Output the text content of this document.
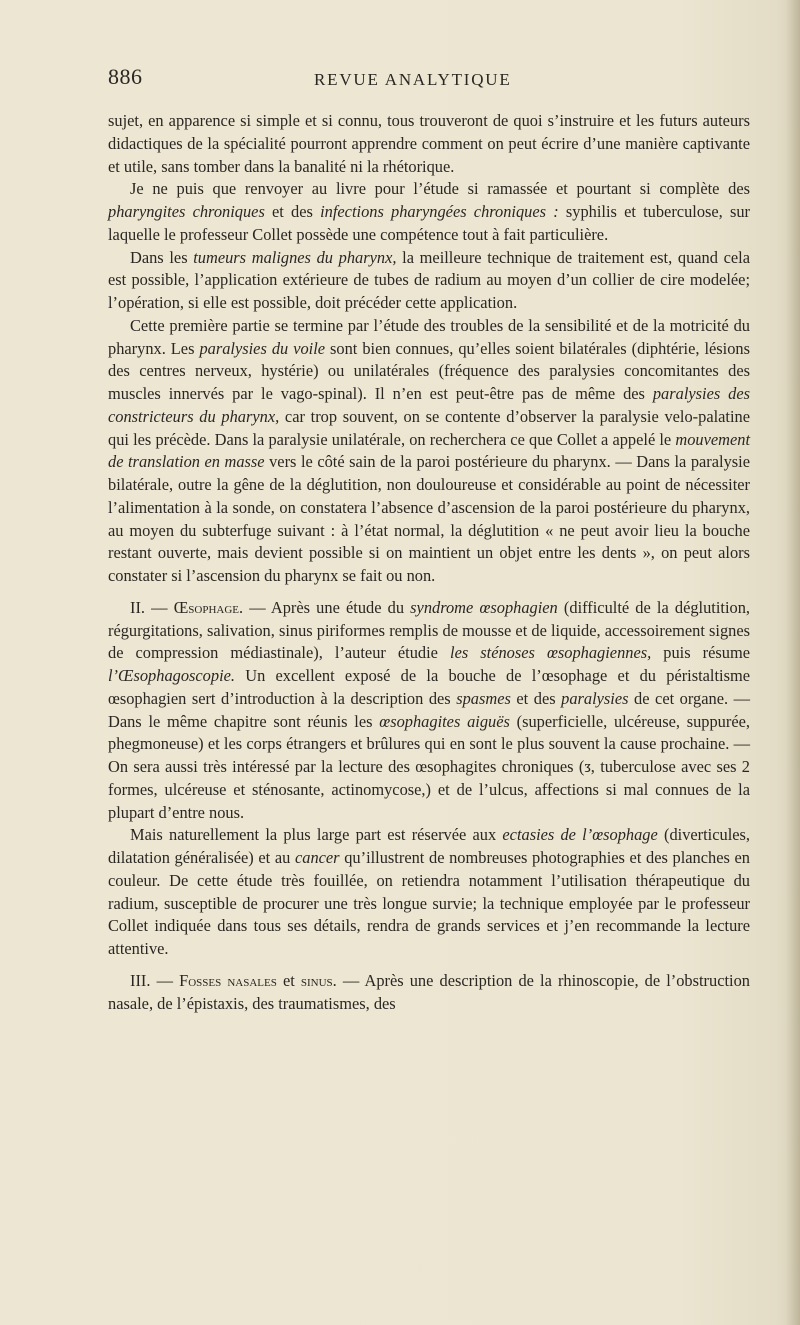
886	REVUE ANALYTIQUE

sujet, en apparence si simple et si connu, tous trouveront de quoi s’instruire et les futurs auteurs didactiques de la spécialité pourront apprendre comment on peut écrire d’une manière captivante et utile, sans tomber dans la banalité ni la rhétorique.

Je ne puis que renvoyer au livre pour l’étude si ramassée et pourtant si complète des pharyngites chroniques et des infections pharyngées chroniques : syphilis et tuberculose, sur laquelle le professeur Collet possède une compétence tout à fait particulière.

Dans les tumeurs malignes du pharynx, la meilleure technique de traitement est, quand cela est possible, l’application extérieure de tubes de radium au moyen d’un collier de cire modelée; l’opération, si elle est possible, doit précéder cette application.

Cette première partie se termine par l’étude des troubles de la sensibilité et de la motricité du pharynx. Les paralysies du voile sont bien connues, qu’elles soient bilatérales (diphtérie, lésions des centres nerveux, hystérie) ou unilatérales (fréquence des paralysies concomitantes des muscles innervés par le vago-spinal). Il n’en est peut-être pas de même des paralysies des constricteurs du pharynx, car trop souvent, on se contente d’observer la paralysie velo-palatine qui les précède. Dans la paralysie unilatérale, on recherchera ce que Collet a appelé le mouvement de translation en masse vers le côté sain de la paroi postérieure du pharynx. — Dans la paralysie bilatérale, outre la gêne de la déglutition, non douloureuse et considérable au point de nécessiter l’alimentation à la sonde, on constatera l’absence d’ascension de la paroi postérieure du pharynx, au moyen du subterfuge suivant : à l’état normal, la déglutition « ne peut avoir lieu la bouche restant ouverte, mais devient possible si on maintient un objet entre les dents », on peut alors constater si l’ascension du pharynx se fait ou non.

II. — Œsophage. — Après une étude du syndrome œsophagien (difficulté de la déglutition, régurgitations, salivation, sinus piriformes remplis de mousse et de liquide, accessoirement signes de compression médiastinale), l’auteur étudie les sténoses œsophagiennes, puis résume l’Œsophagoscopie. Un excellent exposé de la bouche de l’œsophage et du péristaltisme œsophagien sert d’introduction à la description des spasmes et des paralysies de cet organe. — Dans le même chapitre sont réunis les œsophagites aiguës (superficielle, ulcéreuse, suppurée, phegmoneuse) et les corps étrangers et brûlures qui en sont le plus souvent la cause prochaine. — On sera aussi très intéressé par la lecture des œsophagites chroniques (ᴣ, tuberculose avec ses 2 formes, ulcéreuse et sténosante, actinomycose,) et de l’ulcus, affections si mal connues de la plupart d’entre nous.

Mais naturellement la plus large part est réservée aux ectasies de l’œsophage (diverticules, dilatation généralisée) et au cancer qu’illustrent de nombreuses photographies et des planches en couleur. De cette étude très fouillée, on retiendra notamment l’utilisation thérapeutique du radium, susceptible de procurer une très longue survie; la technique employée par le professeur Collet indiquée dans tous ses détails, rendra de grands services et j’en recommande la lecture attentive.

III. — Fosses nasales et sinus. — Après une description de la rhinoscopie, de l’obstruction nasale, de l’épistaxis, des traumatismes, des
